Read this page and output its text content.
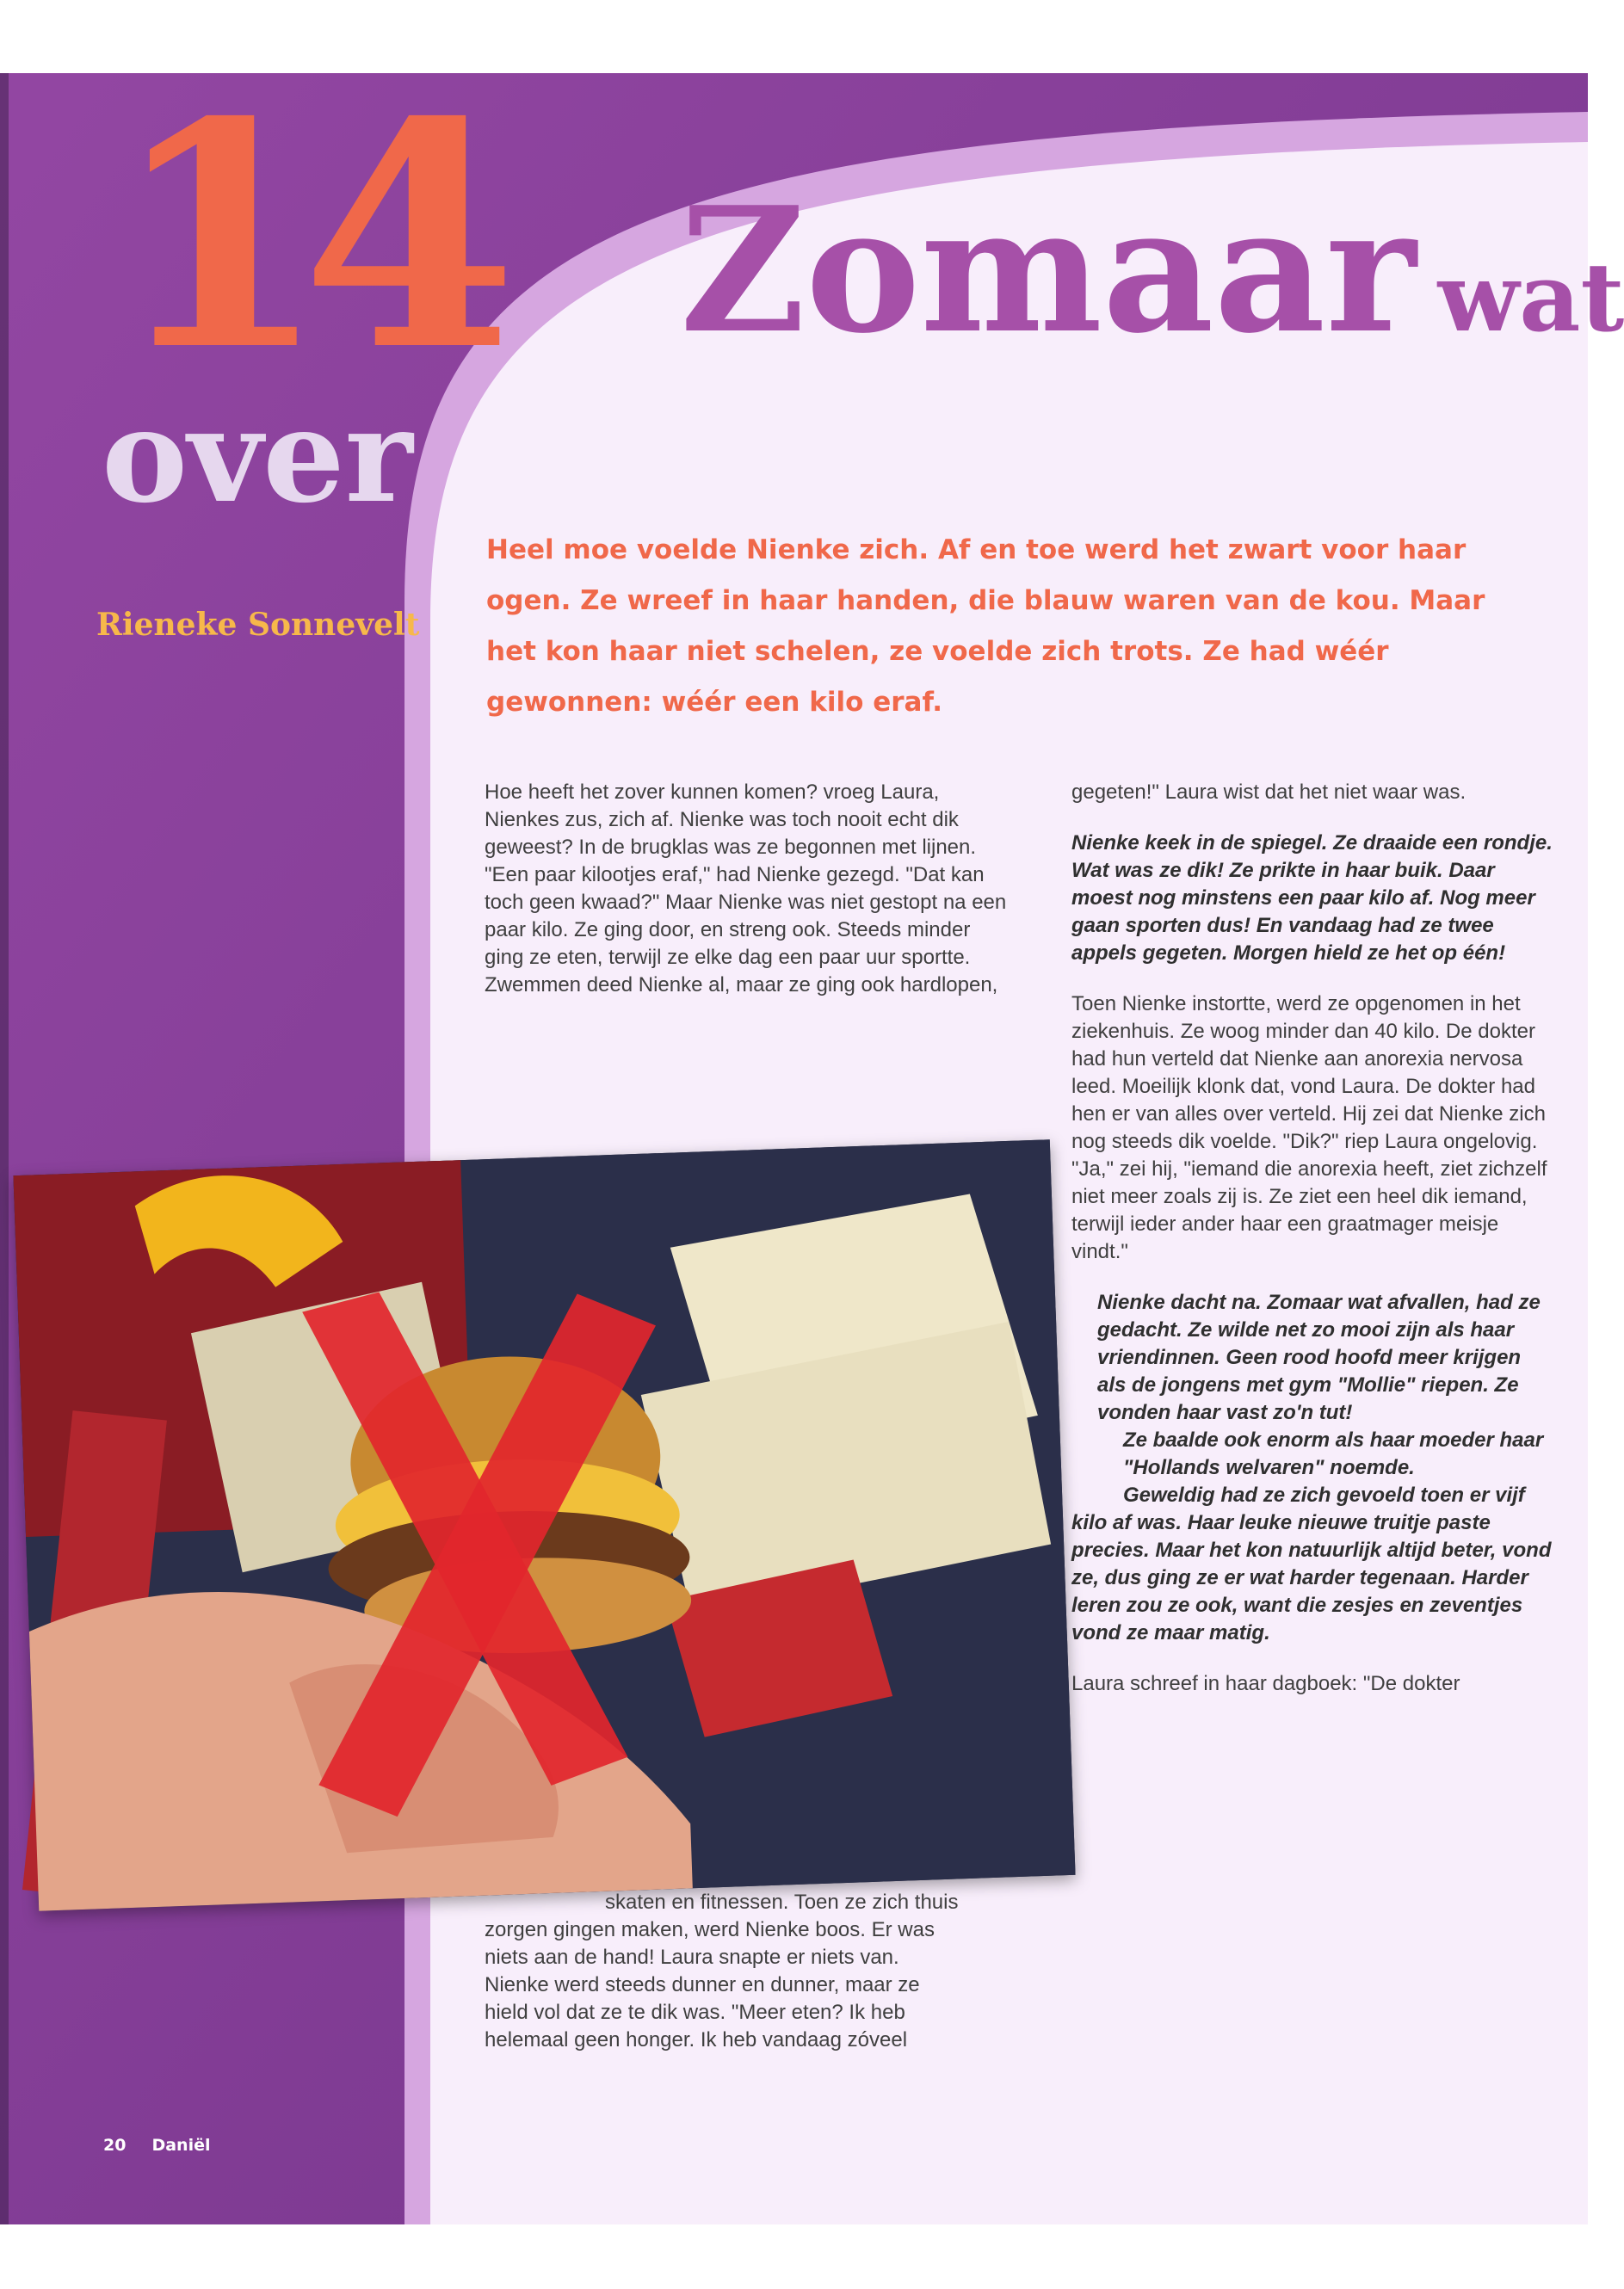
14
over
Zomaar wat
Rieneke Sonnevelt
Heel moe voelde Nienke zich. Af en toe werd het zwart voor haar ogen. Ze wreef in haar handen, die blauw waren van de kou. Maar het kon haar niet schelen, ze voelde zich trots. Ze had wéér gewonnen: wéér een kilo eraf.

Hoe heeft het zover kunnen komen? vroeg Laura, Nienkes zus, zich af. Nienke was toch nooit echt dik geweest? In de brugklas was ze begonnen met lijnen. "Een paar kilootjes eraf," had Nienke gezegd. "Dat kan toch geen kwaad?" Maar Nienke was niet gestopt na een paar kilo. Ze ging door, en streng ook. Steeds minder ging ze eten, terwijl ze elke dag een paar uur sportte. Zwemmen deed Nienke al, maar ze ging ook hardlopen,

skaten en fitnessen. Toen ze zich thuis zorgen gingen maken, werd Nienke boos. Er was niets aan de hand! Laura snapte er niets van. Nienke werd steeds dunner en dunner, maar ze hield vol dat ze te dik was. "Meer eten? Ik heb helemaal geen honger. Ik heb vandaag zóveel

gegeten!" Laura wist dat het niet waar was.

Nienke keek in de spiegel. Ze draaide een rondje. Wat was ze dik! Ze prikte in haar buik. Daar moest nog minstens een paar kilo af. Nog meer gaan sporten dus! En vandaag had ze twee appels gegeten. Morgen hield ze het op één!

Toen Nienke instortte, werd ze opgenomen in het ziekenhuis. Ze woog minder dan 40 kilo. De dokter had hun verteld dat Nienke aan anorexia nervosa leed. Moeilijk klonk dat, vond Laura. De dokter had hen er van alles over verteld. Hij zei dat Nienke zich nog steeds dik voelde. "Dik?" riep Laura ongelovig. "Ja," zei hij, "iemand die anorexia heeft, ziet zichzelf niet meer zoals zij is. Ze ziet een heel dik iemand, terwijl ieder ander haar een graatmager meisje vindt."

Nienke dacht na. Zomaar wat afvallen, had ze gedacht. Ze wilde net zo mooi zijn als haar vriendinnen. Geen rood hoofd meer krijgen als de jongens met gym "Mollie" riepen. Ze vonden haar vast zo'n tut!

Ze baalde ook enorm als haar moeder haar "Hollands welvaren" noemde.

Geweldig had ze zich gevoeld toen er vijf kilo af was. Haar leuke nieuwe truitje paste precies. Maar het kon natuurlijk altijd beter, vond ze, dus ging ze er wat harder tegenaan. Harder leren zou ze ook, want die zesjes en zeventjes vond ze maar matig.

Laura schreef in haar dagboek: "De dokter

20 Daniël
